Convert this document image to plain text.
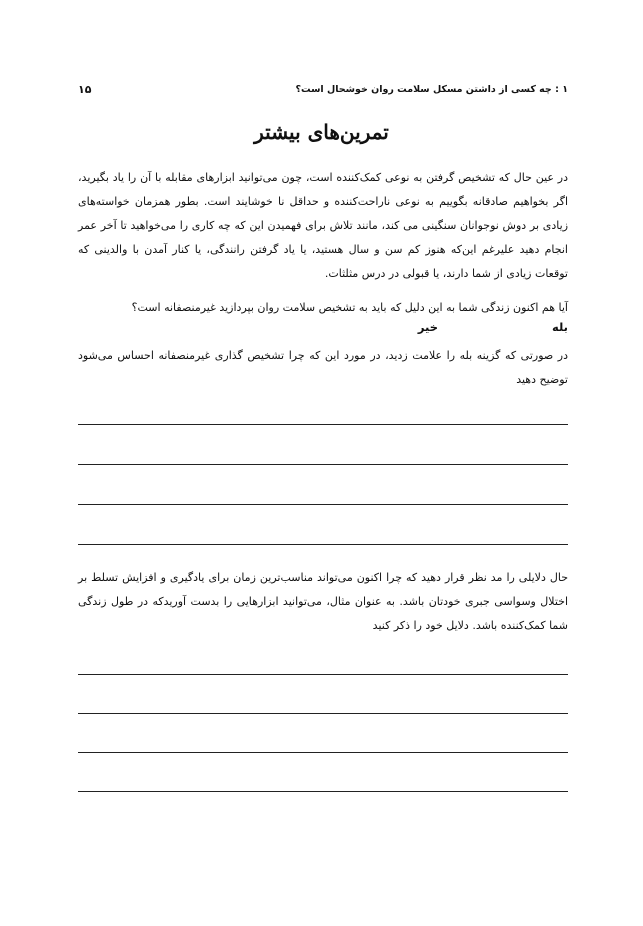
۱ : چه کسی از داشتن مسکل سلامت روان خوشحال است؟
۱۵
تمرین‌های بیشتر

در عین حال که تشخیص گرفتن به نوعی کمک‌کننده است، چون می‌توانید ابزارهای مقابله با آن را یاد بگیرید، اگر بخواهیم صادقانه بگوییم به نوعی ناراحت‌کننده و حداقل نا خوشایند است. بطور همزمان خواسته‌های زیادی بر دوش نوجوانان سنگینی می کند، مانند تلاش برای فهمیدن این که چه کاری را می‌خواهید تا آخر عمر انجام دهید علیرغم این‌که هنوز کم سن و سال هستید، یا یاد گرفتن رانندگی، یا کنار آمدن با والدینی که توقعات زیادی از شما دارند، یا قبولی در درس مثلثات.

آیا هم اکنون زندگی شما به این دلیل که باید به تشخیص سلامت روان بپردازید غیرمنصفانه است؟

بله
خیر

در صورتی که گزینه بله را علامت زدید، در مورد این که چرا تشخیص گذاری غیرمنصفانه احساس می‌شود توضیح دهید

حال دلایلی را مد نظر قرار دهید که چرا اکنون می‌تواند مناسب‌ترین زمان برای یادگیری و افزایش تسلط بر اختلال وسواسی جبری خودتان باشد. به عنوان مثال، می‌توانید ابزارهایی را بدست آورید‌که در طول زندگی شما کمک‌کننده باشد. دلایل خود را ذکر کنید
